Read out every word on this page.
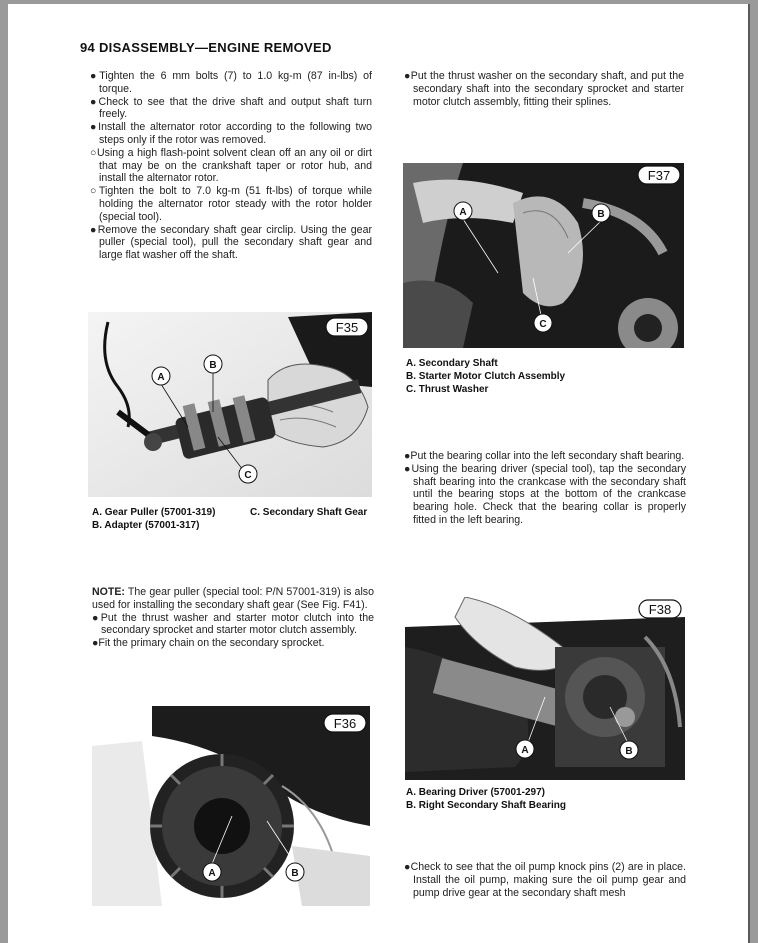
94 DISASSEMBLY—ENGINE REMOVED

●Tighten the 6 mm bolts (7) to 1.0 kg-m (87 in-lbs) of torque.

●Check to see that the drive shaft and output shaft turn freely.

●Install the alternator rotor according to the following two steps only if the rotor was removed.

○Using a high flash-point solvent clean off an any oil or dirt that may be on the crankshaft taper or rotor hub, and install the alternator rotor.

○Tighten the bolt to 7.0 kg-m (51 ft-lbs) of torque while holding the alternator rotor steady with the rotor holder (special tool).

●Remove the secondary shaft gear circlip. Using the gear puller (special tool), pull the secondary shaft gear and large flat washer off the shaft.

A
B
C
F35
A. Gear Puller (57001-319)
B. Adapter (57001-317)
C. Secondary Shaft Gear

NOTE: The gear puller (special tool: P/N 57001-319) is also used for installing the secondary shaft gear (See Fig. F41).

●Put the thrust washer and starter motor clutch into the secondary sprocket and starter motor clutch assembly.

●Fit the primary chain on the secondary sprocket.

A	B
F36

●Put the thrust washer on the secondary shaft, and put the secondary shaft into the secondary sprocket and starter motor clutch assembly, fitting their splines.

A	B
C
F37
A. Secondary Shaft
B. Starter Motor Clutch Assembly
C. Thrust Washer

●Put the bearing collar into the left secondary shaft bearing.

●Using the bearing driver (special tool), tap the secondary shaft bearing into the crankcase with the secondary shaft until the bearing stops at the bottom of the crankcase bearing hole. Check that the bearing collar is properly fitted in the left bearing.

A	B
F38
A. Bearing Driver (57001-297)
B. Right Secondary Shaft Bearing

●Check to see that the oil pump knock pins (2) are in place. Install the oil pump, making sure the oil pump gear and pump drive gear at the secondary shaft mesh
